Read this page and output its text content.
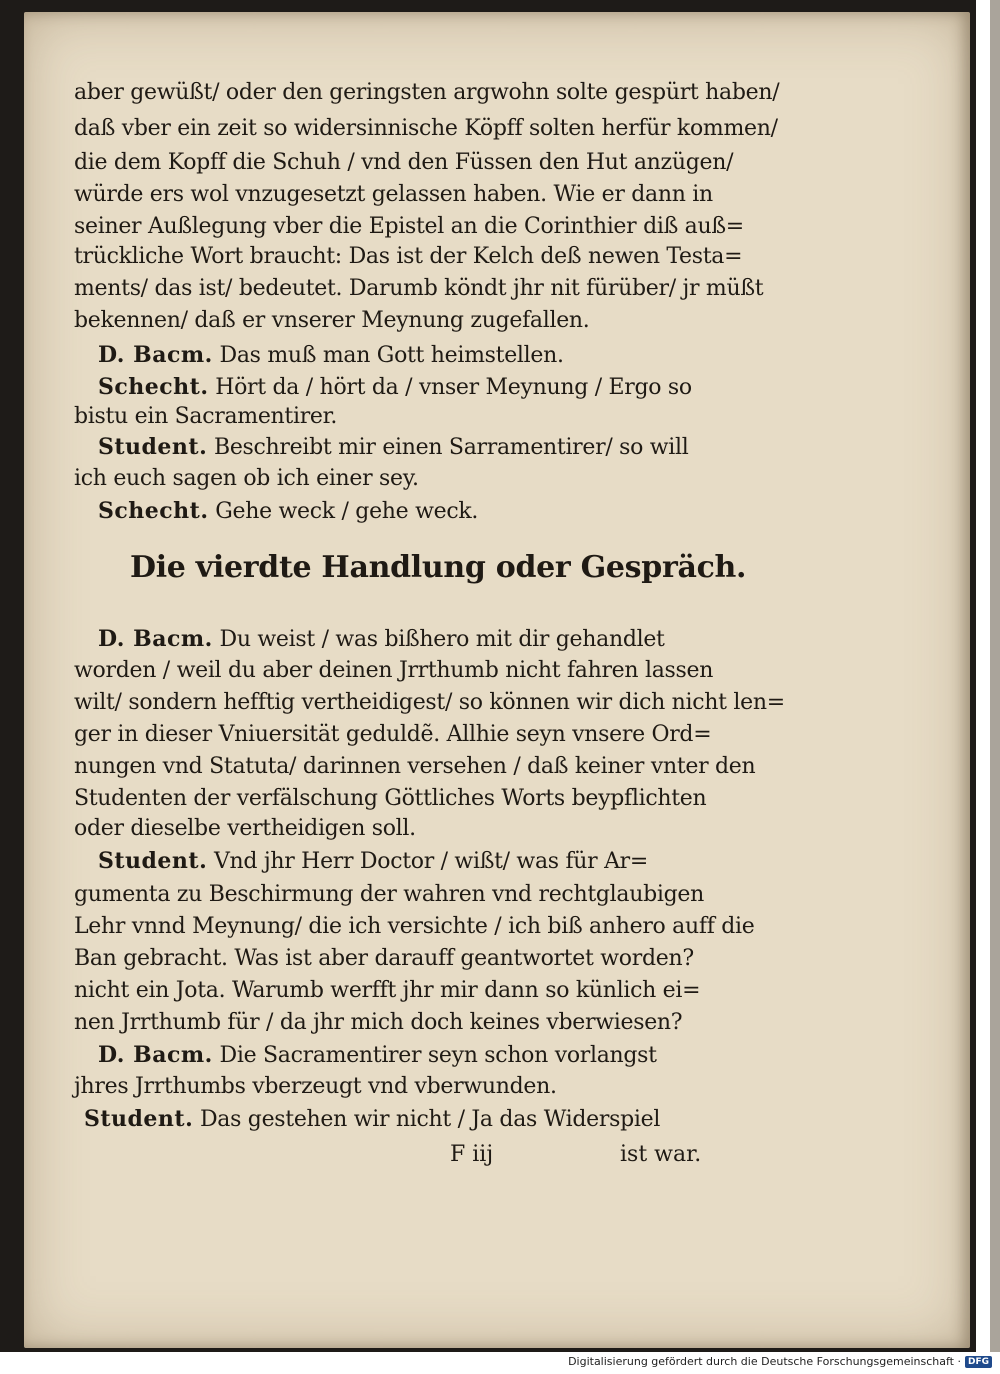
aber gewüßt/ oder den geringsten argwohn solte gespürt haben/
daß vber ein zeit so widersinnische Köpff solten herfür kommen/
die dem Kopff die Schuh / vnd den Füssen den Hut anzügen/
würde ers wol vnzugesetzt gelassen haben. Wie er dann in
seiner Außlegung vber die Epistel an die Corinthier diß auß=
trückliche Wort braucht: Das ist der Kelch deß newen Testa=
ments/ das ist/ bedeutet. Darumb köndt jhr nit fürüber/ jr müßt
bekennen/ daß er vnserer Meynung zugefallen.
D. Bacm. Das muß man Gott heimstellen.
Schecht. Hört da / hört da / vnser Meynung / Ergo so
bistu ein Sacramentirer.
Student. Beschreibt mir einen Sarramentirer/ so will
ich euch sagen ob ich einer sey.
Schecht. Gehe weck / gehe weck.
Die vierdte Handlung oder Gespräch.
D. Bacm. Du weist / was bißhero mit dir gehandlet
worden / weil du aber deinen Jrrthumb nicht fahren lassen
wilt/ sondern hefftig vertheidigest/ so können wir dich nicht len=
ger in dieser Vniuersität geduldẽ. Allhie seyn vnsere Ord=
nungen vnd Statuta/ darinnen versehen / daß keiner vnter den
Studenten der verfälschung Göttliches Worts beypflichten
oder dieselbe vertheidigen soll.
Student. Vnd jhr Herr Doctor / wißt/ was für Ar=
gumenta zu Beschirmung der wahren vnd rechtglaubigen
Lehr vnnd Meynung/ die ich versichte / ich biß anhero auff die
Ban gebracht. Was ist aber darauff geantwortet worden?
nicht ein Jota. Warumb werfft jhr mir dann so künlich ei=
nen Jrrthumb für / da jhr mich doch keines vberwiesen?
D. Bacm. Die Sacramentirer seyn schon vorlangst
jhres Jrrthumbs vberzeugt vnd vberwunden.
Student. Das gestehen wir nicht / Ja das Widerspiel
F iij	ist war.
Digitalisierung gefördert durch die Deutsche Forschungsgemeinschaft · DFG
